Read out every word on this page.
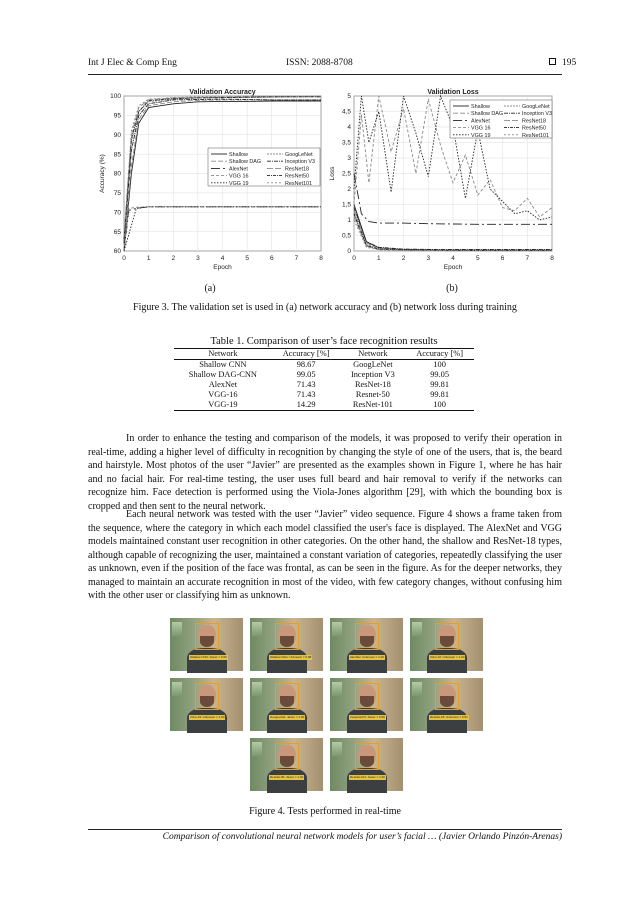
Int J Elec & Comp Eng	ISSN: 2088-8708	195
0	1	2	3	4	5	6	7	8
60
65
70
75
80
85
90
95
100
Validation Accuracy
Epoch
Accuracy (%)	Shallow
Shallow DAG
AlexNet
VGG 16
VGG 19
GoogLeNet
Inception V3
ResNet18
ResNet50
ResNet101
0	1	2	3	4	5	6	7	8
0
0,5
1
1,5
2
2,5
3
3,5
4
4,5
5
Validation Loss
Epoch
Loss
Shallow
Shallow DAG
AlexNet
VGG 16
VGG 19
GoogLeNet
Inception V3
ResNet18
ResNet50
ResNet101
(a)	(b)
Figure 3. The validation set is used in (a) network accuracy and (b) network loss during training
Table 1. Comparison of user’s face recognition results
Network	Accuracy [%]	Network	Accuracy [%]
Shallow CNN	98.67	GoogLeNet	100
Shallow DAG-CNN	99.05	Inception V3	99.05
AlexNet	71.43	ResNet-18	99.81
VGG-16	71.43	Resnet-50	99.81
VGG-19	14.29	ResNet-101	100

In order to enhance the testing and comparison of the models, it was proposed to verify their operation in real-time, adding a higher level of difficulty in recognition by changing the style of one of the users, that is, the beard and hairstyle. Most photos of the user “Javier” are presented as the examples shown in Figure 1, where he has hair and no facial hair. For real-time testing, the user uses full beard and hair removal to verify if the networks can recognize him. Face detection is performed using the Viola-Jones algorithm [29], with which the bounding box is cropped and then sent to the neural network.

Each neural network was tested with the user “Javier” video sequence. Figure 4 shows a frame taken from the sequence, where the category in which each model classified the user's face is displayed. The AlexNet and VGG models maintained constant user recognition in other categories. On the other hand, the shallow and ResNet-18 types, although capable of recognizing the user, maintained a constant variation of categories, repeatedly classifying the user as unknown, even if the position of the face was frontal, as can be seen in the figure. As for the deeper networks, they managed to maintain an accurate recognition in most of the video, with few category changes, without confusing him with the other user or classifying him as unknown.

Shallow CNN: Javier = 0.99	Shallow DAG: Unknown = 0.88	AlexNet: Unknown = 1.00	VGG-16: Unknown = 1.00
VGG-19: Unknown = 1.00	GoogLeNet: Javier = 1.00	InceptionV3: Javier = 0.99	ResNet-18: Unknown = 0.91
ResNet-50: Javier = 1.00	ResNet-101: Javier = 1.00
Figure 4. Tests performed in real-time
Comparison of convolutional neural network models for user’s facial … (Javier Orlando Pinzón-Arenas)
